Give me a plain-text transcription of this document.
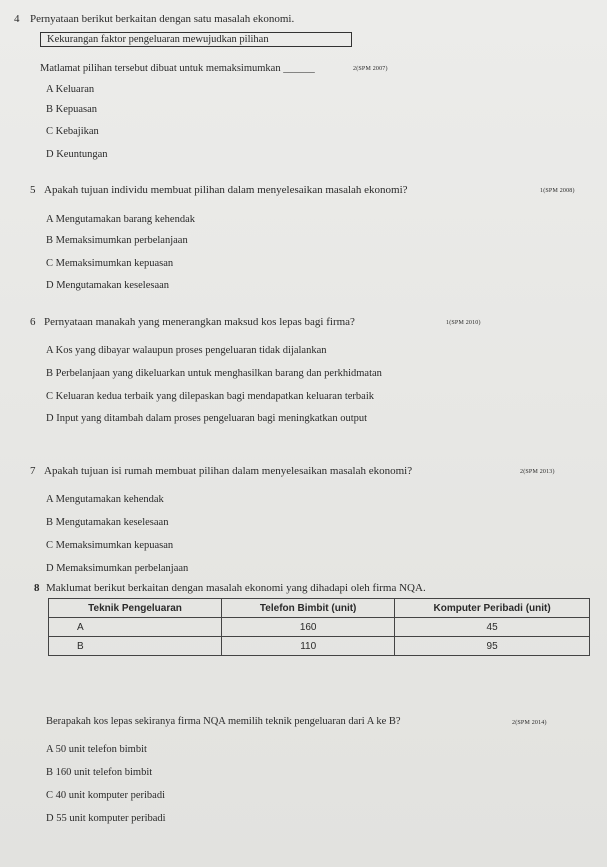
4 Pernyataan berikut berkaitan dengan satu masalah ekonomi.
Kekurangan faktor pengeluaran mewujudkan pilihan
Matlamat pilihan tersebut dibuat untuk memaksimumkan ______	2(SPM 2007)
A Keluaran
B Kepuasan
C Kebajikan
D Keuntungan
5 Apakah tujuan individu membuat pilihan dalam menyelesaikan masalah ekonomi?	1(SPM 2008)
A Mengutamakan barang kehendak
B Memaksimumkan perbelanjaan
C Memaksimumkan kepuasan
D Mengutamakan keselesaan
6 Pernyataan manakah yang menerangkan maksud kos lepas bagi firma?	1(SPM 2010)
A Kos yang dibayar walaupun proses pengeluaran tidak dijalankan
B Perbelanjaan yang dikeluarkan untuk menghasilkan barang dan perkhidmatan
C Keluaran kedua terbaik yang dilepaskan bagi mendapatkan keluaran terbaik
D Input yang ditambah dalam proses pengeluaran bagi meningkatkan output
7 Apakah tujuan isi rumah membuat pilihan dalam menyelesaikan masalah ekonomi?	2(SPM 2013)
A Mengutamakan kehendak
B Mengutamakan keselesaan
C Memaksimumkan kepuasan
D Memaksimumkan perbelanjaan
8 Maklumat berikut berkaitan dengan masalah ekonomi yang dihadapi oleh firma NQA.
Teknik Pengeluaran	Telefon Bimbit (unit)	Komputer Peribadi (unit)
A	160	45
B	110	95
Berapakah kos lepas sekiranya firma NQA memilih teknik pengeluaran dari A ke B?	2(SPM 2014)
A 50 unit telefon bimbit
B 160 unit telefon bimbit
C 40 unit komputer peribadi
D 55 unit komputer peribadi
